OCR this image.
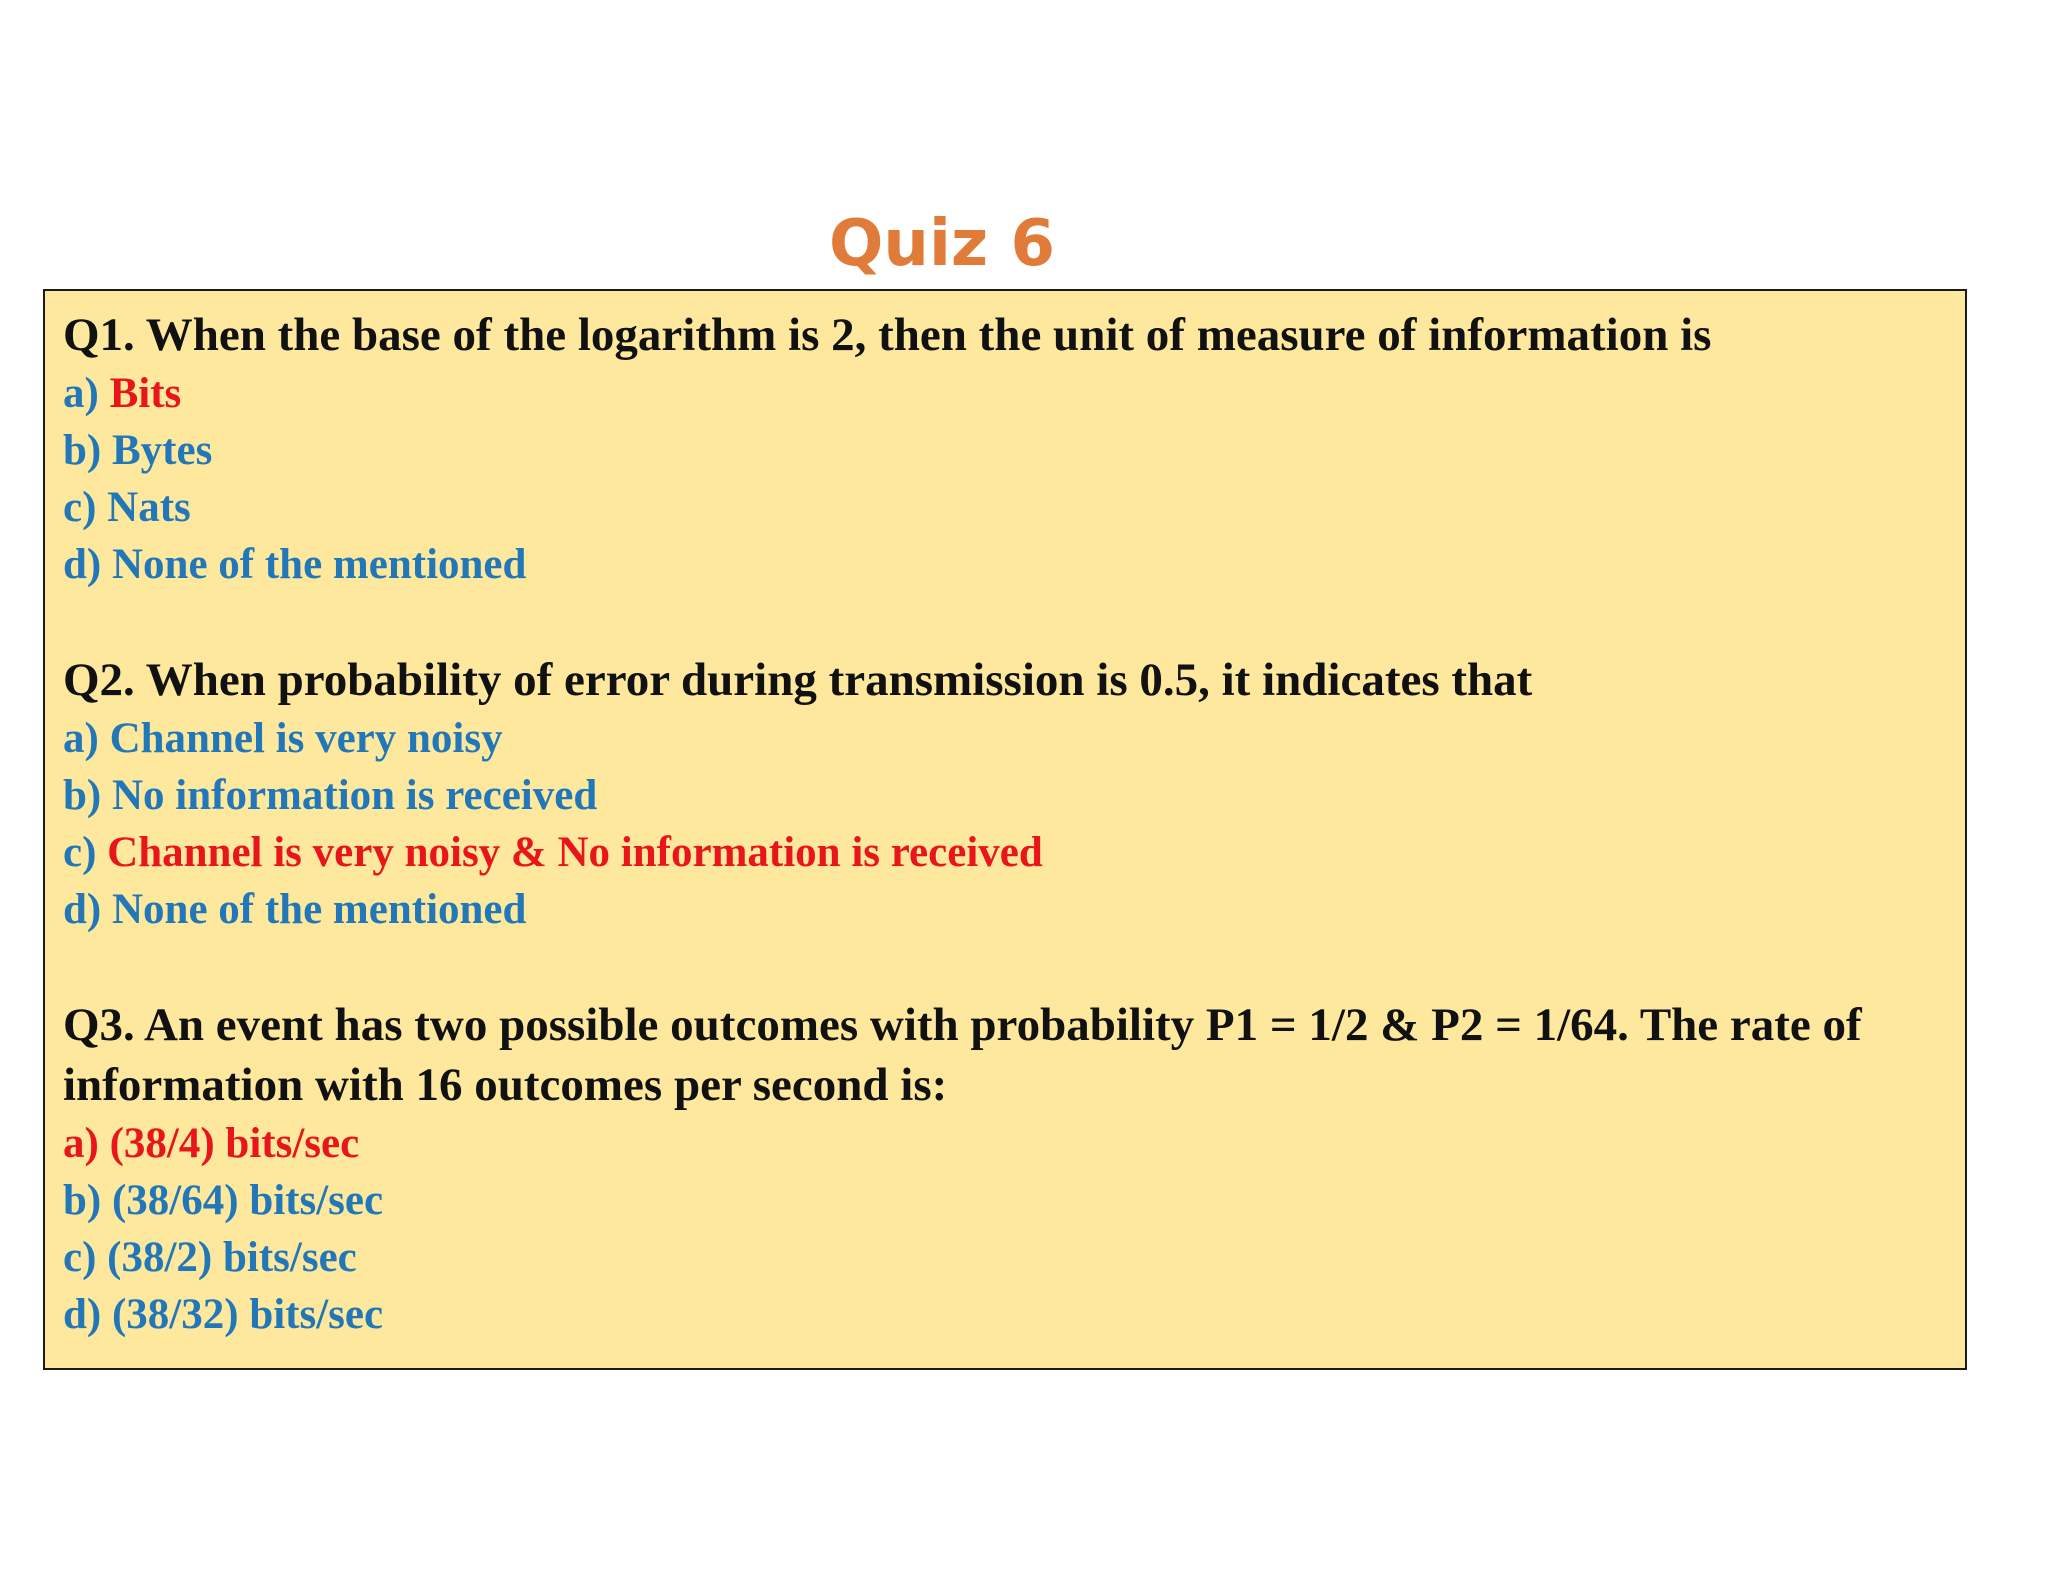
Quiz 6

Q1. When the base of the logarithm is 2, then the unit of measure of information is

a) Bits

b) Bytes

c) Nats

d) None of the mentioned

Q2. When probability of error during transmission is 0.5, it indicates that

a) Channel is very noisy

b) No information is received

c) Channel is very noisy & No information is received

d) None of the mentioned

Q3. An event has two possible outcomes with probability P1 = 1/2 & P2 = 1/64. The rate of information with 16 outcomes per second is:

a) (38/4) bits/sec

b) (38/64) bits/sec

c) (38/2) bits/sec

d) (38/32) bits/sec
